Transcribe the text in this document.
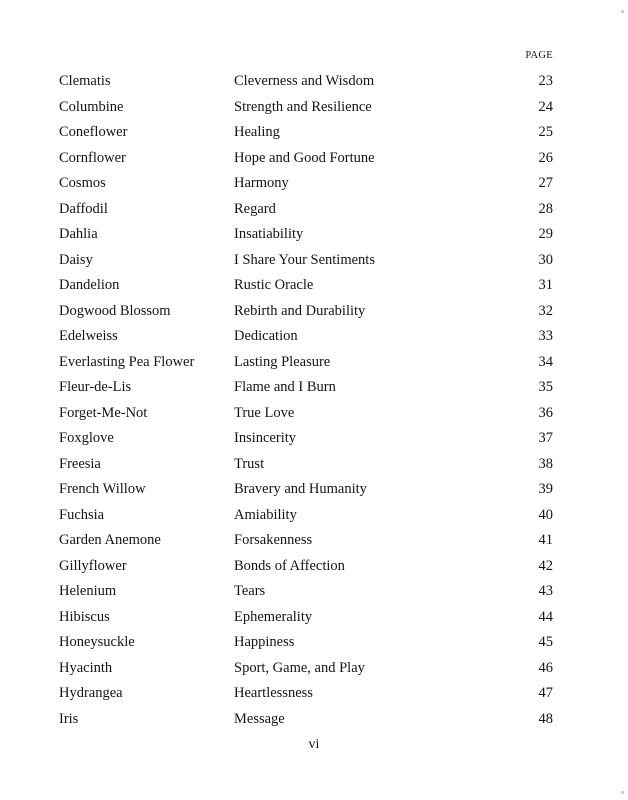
PAGE
Clematis	Cleverness and Wisdom	23
Columbine	Strength and Resilience	24
Coneflower	Healing	25
Cornflower	Hope and Good Fortune	26
Cosmos	Harmony	27
Daffodil	Regard	28
Dahlia	Insatiability	29
Daisy	I Share Your Sentiments	30
Dandelion	Rustic Oracle	31
Dogwood Blossom	Rebirth and Durability	32
Edelweiss	Dedication	33
Everlasting Pea Flower	Lasting Pleasure	34
Fleur-de-Lis	Flame and I Burn	35
Forget-Me-Not	True Love	36
Foxglove	Insincerity	37
Freesia	Trust	38
French Willow	Bravery and Humanity	39
Fuchsia	Amiability	40
Garden Anemone	Forsakenness	41
Gillyflower	Bonds of Affection	42
Helenium	Tears	43
Hibiscus	Ephemerality	44
Honeysuckle	Happiness	45
Hyacinth	Sport, Game, and Play	46
Hydrangea	Heartlessness	47
Iris	Message	48
vi
